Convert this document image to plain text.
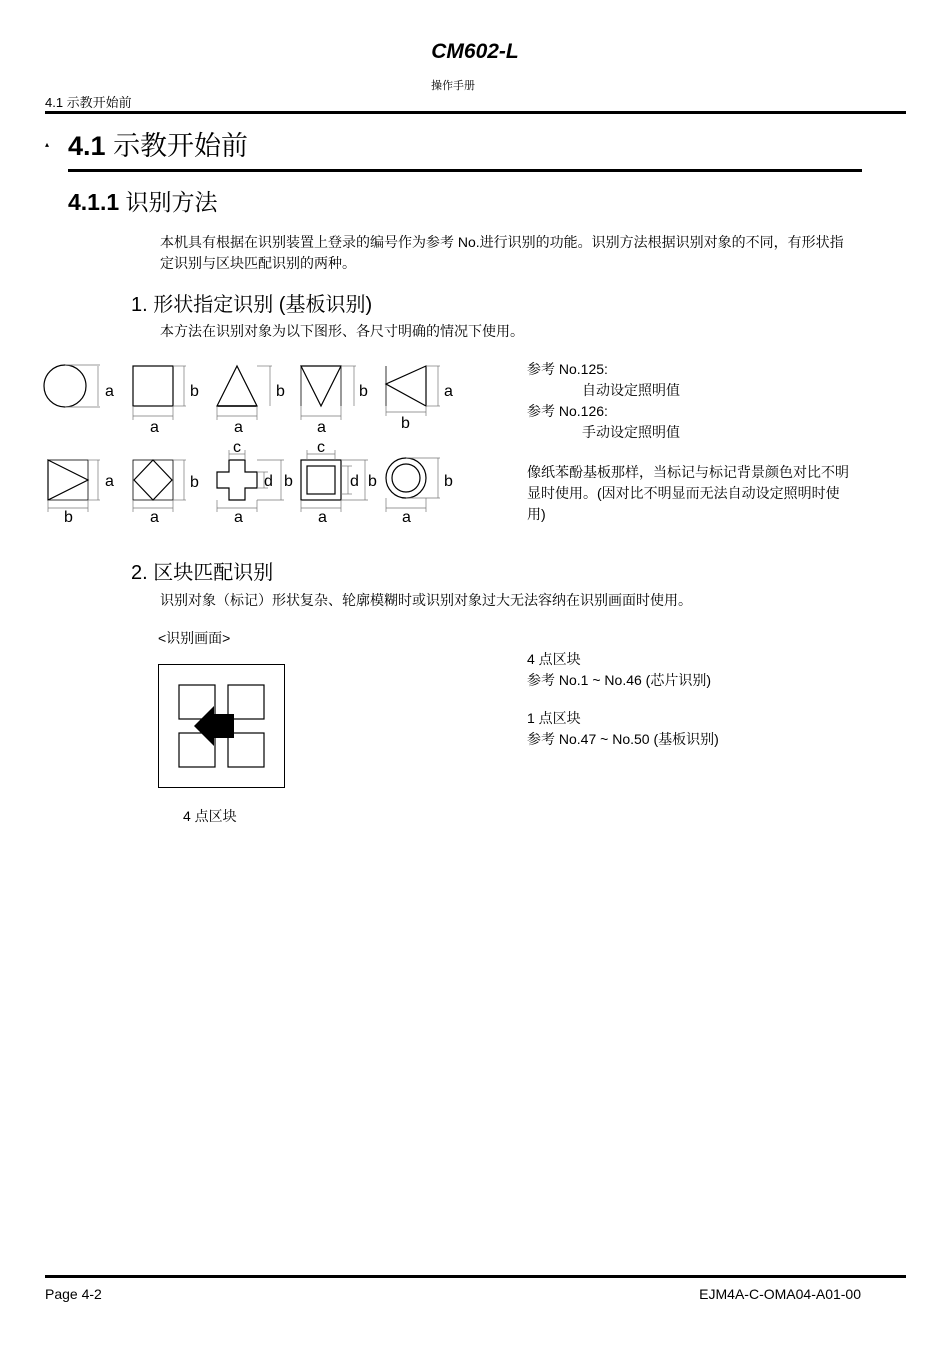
CM602-L
操作手册
4.1 示教开始前
▴ 4.1 示教开始前
4.1.1 识别方法
本机具有根据在识别装置上登录的编号作为参考 No.进行识别的功能。识别方法根据识别对象的不同，有形状指定识别与区块匹配识别的两种。
1. 形状指定识别 (基板识别)
本方法在识别对象为以下图形、各尺寸明确的情况下使用。
a	b
a
b
a
b
a
a
b
a
b
b
a
c
d b
a
c
d b
a
b
a
参考 No.125:
自动设定照明值
参考 No.126:
手动设定照明值
像纸苯酚基板那样，当标记与标记背景颜色对比不明显时使用。(因对比不明显而无法自动设定照明时使用)
2. 区块匹配识别
识别对象（标记）形状复杂、轮廓模糊时或识别对象过大无法容纳在识别画面时使用。
<识别画面>
4 点区块
4 点区块
参考 No.1 ~ No.46 (芯片识别)
1 点区块
参考 No.47 ~ No.50 (基板识别)
Page 4-2	EJM4A-C-OMA04-A01-00
